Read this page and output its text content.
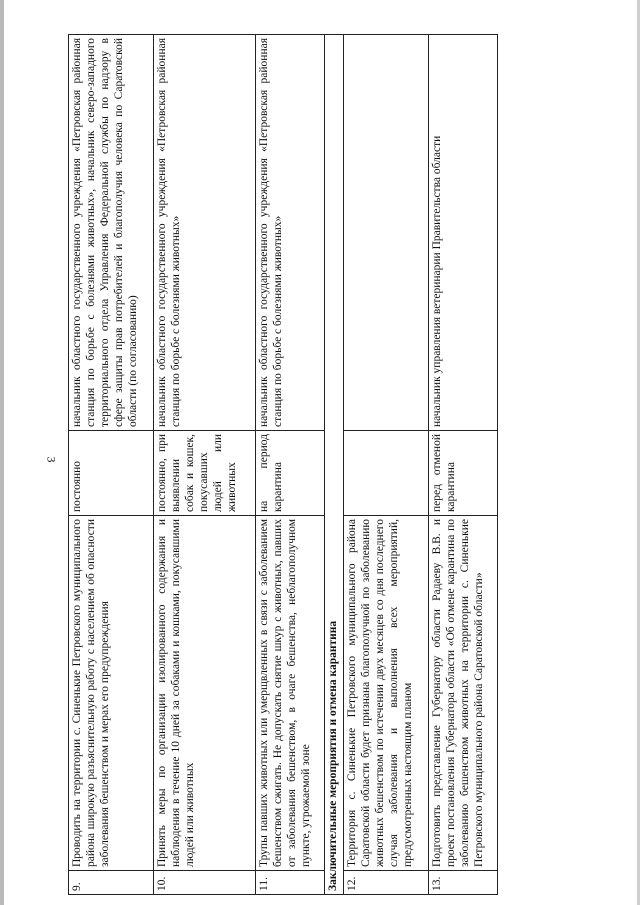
3
9.	Проводить на территории с. Синенькие Петровского муниципального района широкую разъяснительную работу с населением об опасности заболевания бешенством и мерах его предупреждения	постоянно	начальник областного государственного учреждения «Петровская районная станция по борьбе с болезнями животных», начальник северо-западного территориального отдела Управления Федеральной службы по надзору в сфере защиты прав потребителей и благополучия человека по Саратовской области (по согласованию)
10.	Принять меры по организации изолированного содержания и наблюдения в течение 10 дней за собаками и кошками, покусавшими людей или животных	постоянно, при выявлении собак и кошек, покусавших людей или животных	начальник областного государственного учреждения «Петровская районная станция по борьбе с болезнями животных»
11.	Трупы павших животных или умерщвленных в связи с заболеванием бешенством сжигать. Не допускать снятие шкур с животных, павших от заболевания бешенством, в очаге бешенства, неблагополучном пункте, угрожаемой зоне	на период карантина	начальник областного государственного учреждения «Петровская районная станция по борьбе с болезнями животных»
Заключительные мероприятия и отмена карантина			
12.	Территория с. Синенькие Петровского муниципального района Саратовской области будет признана благополучной по заболеванию животных бешенством по истечении двух месяцев со дня последнего случая заболевания и выполнения всех мероприятий, предусмотренных настоящим планом		
13.	Подготовить представление Губернатору области Радаеву В.В. и проект постановления Губернатора области «Об отмене карантина по заболеванию бешенством животных на территории с. Синенькие Петровского муниципального района Саратовской области»	перед отменой карантина	начальник управления ветеринарии Правительства области
